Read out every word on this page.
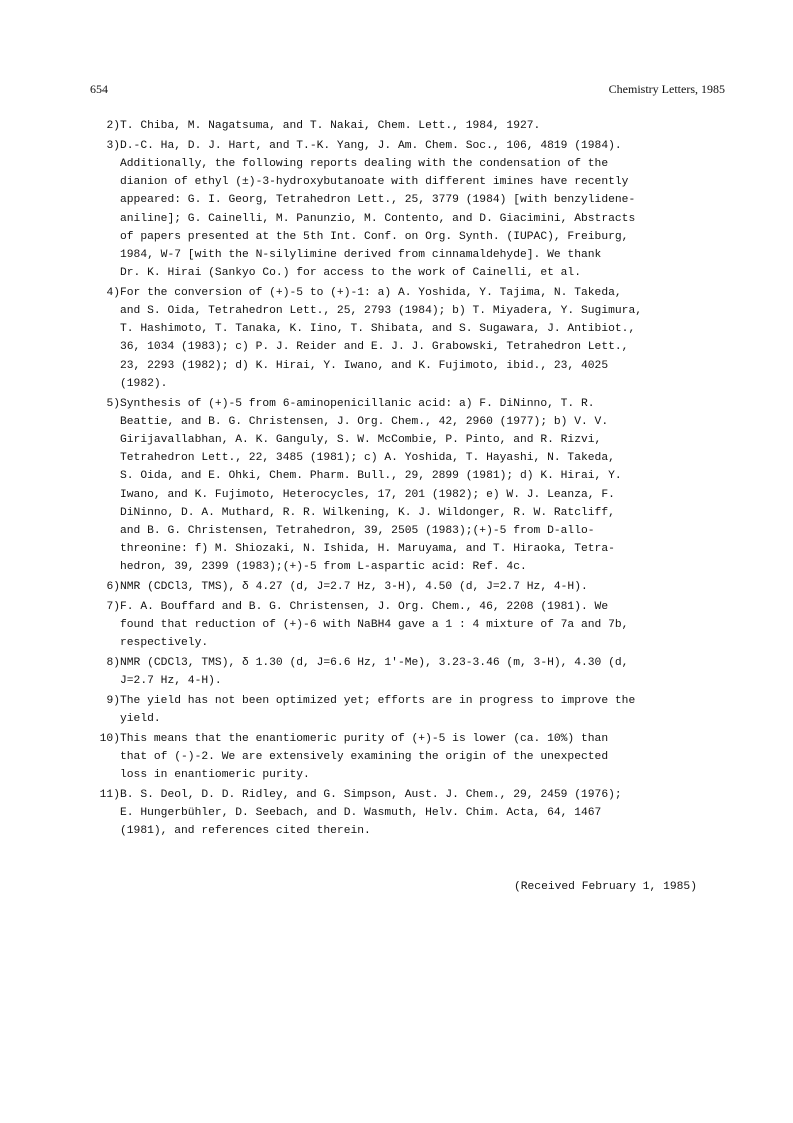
654	Chemistry Letters, 1985
2) T. Chiba, M. Nagatsuma, and T. Nakai, Chem. Lett., 1984, 1927.
3) D.-C. Ha, D. J. Hart, and T.-K. Yang, J. Am. Chem. Soc., 106, 4819 (1984).
Additionally, the following reports dealing with the condensation of the
dianion of ethyl (±)-3-hydroxybutanoate with different imines have recently
appeared: G. I. Georg, Tetrahedron Lett., 25, 3779 (1984) [with benzylidene-
aniline]; G. Cainelli, M. Panunzio, M. Contento, and D. Giacimini, Abstracts
of papers presented at the 5th Int. Conf. on Org. Synth. (IUPAC), Freiburg,
1984, W-7 [with the N-silylimine derived from cinnamaldehyde]. We thank
Dr. K. Hirai (Sankyo Co.) for access to the work of Cainelli, et al.
4) For the conversion of (+)-5 to (+)-1: a) A. Yoshida, Y. Tajima, N. Takeda,
and S. Oida, Tetrahedron Lett., 25, 2793 (1984); b) T. Miyadera, Y. Sugimura,
T. Hashimoto, T. Tanaka, K. Iino, T. Shibata, and S. Sugawara, J. Antibiot.,
36, 1034 (1983); c) P. J. Reider and E. J. J. Grabowski, Tetrahedron Lett.,
23, 2293 (1982); d) K. Hirai, Y. Iwano, and K. Fujimoto, ibid., 23, 4025
(1982).
5) Synthesis of (+)-5 from 6-aminopenicillanic acid: a) F. DiNinno, T. R.
Beattie, and B. G. Christensen, J. Org. Chem., 42, 2960 (1977); b) V. V.
Girijavallabhan, A. K. Ganguly, S. W. McCombie, P. Pinto, and R. Rizvi,
Tetrahedron Lett., 22, 3485 (1981); c) A. Yoshida, T. Hayashi, N. Takeda,
S. Oida, and E. Ohki, Chem. Pharm. Bull., 29, 2899 (1981); d) K. Hirai, Y.
Iwano, and K. Fujimoto, Heterocycles, 17, 201 (1982); e) W. J. Leanza, F.
DiNinno, D. A. Muthard, R. R. Wilkening, K. J. Wildonger, R. W. Ratcliff,
and B. G. Christensen, Tetrahedron, 39, 2505 (1983);(+)-5 from D-allo-
threonine: f) M. Shiozaki, N. Ishida, H. Maruyama, and T. Hiraoka, Tetra-
hedron, 39, 2399 (1983);(+)-5 from L-aspartic acid: Ref. 4c.
6) NMR (CDCl3, TMS), δ 4.27 (d, J=2.7 Hz, 3-H), 4.50 (d, J=2.7 Hz, 4-H).
7) F. A. Bouffard and B. G. Christensen, J. Org. Chem., 46, 2208 (1981). We
found that reduction of (+)-6 with NaBH4 gave a 1 : 4 mixture of 7a and 7b,
respectively.
8) NMR (CDCl3, TMS), δ 1.30 (d, J=6.6 Hz, 1'-Me), 3.23-3.46 (m, 3-H), 4.30 (d,
J=2.7 Hz, 4-H).
9) The yield has not been optimized yet; efforts are in progress to improve the
yield.
10) This means that the enantiomeric purity of (+)-5 is lower (ca. 10%) than
that of (-)-2. We are extensively examining the origin of the unexpected
loss in enantiomeric purity.
11) B. S. Deol, D. D. Ridley, and G. Simpson, Aust. J. Chem., 29, 2459 (1976);
E. Hungerbühler, D. Seebach, and D. Wasmuth, Helv. Chim. Acta, 64, 1467
(1981), and references cited therein.
(Received February 1, 1985)
